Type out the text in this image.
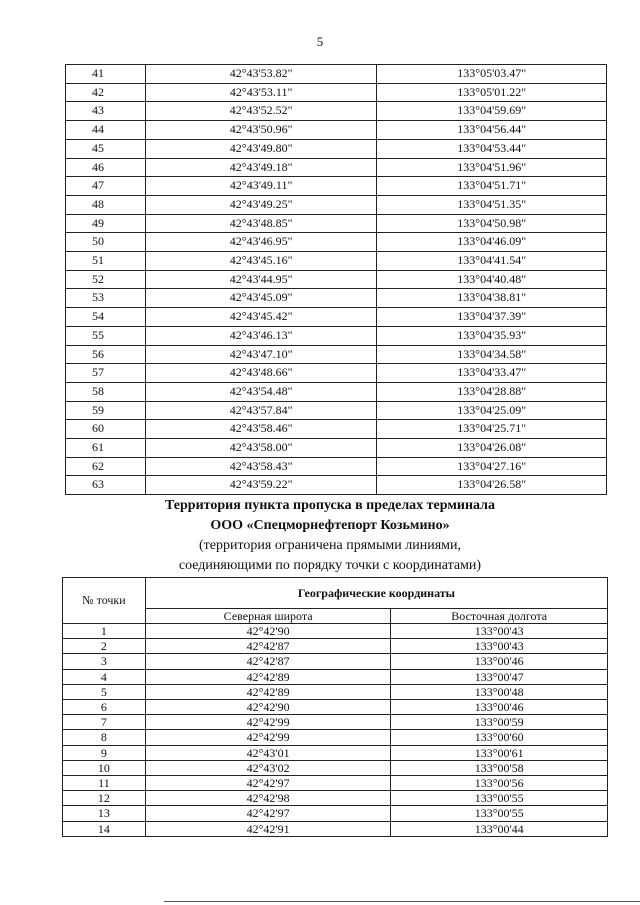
5
41	42°43'53.82"	133°05'03.47"
42	42°43'53.11"	133°05'01.22"
43	42°43'52.52"	133°04'59.69"
44	42°43'50.96"	133°04'56.44"
45	42°43'49.80"	133°04'53.44"
46	42°43'49.18"	133°04'51.96"
47	42°43'49.11"	133°04'51.71"
48	42°43'49.25"	133°04'51.35"
49	42°43'48.85"	133°04'50.98"
50	42°43'46.95"	133°04'46.09"
51	42°43'45.16"	133°04'41.54"
52	42°43'44.95"	133°04'40.48"
53	42°43'45.09"	133°04'38.81"
54	42°43'45.42"	133°04'37.39"
55	42°43'46.13"	133°04'35.93"
56	42°43'47.10"	133°04'34.58"
57	42°43'48.66"	133°04'33.47"
58	42°43'54.48"	133°04'28.88"
59	42°43'57.84"	133°04'25.09"
60	42°43'58.46"	133°04'25.71"
61	42°43'58.00"	133°04'26.08"
62	42°43'58.43"	133°04'27.16"
63	42°43'59.22"	133°04'26.58"
Территория пункта пропуска в пределах терминала
ООО «Спецморнефтепорт Козьмино»
(территория ограничена прямыми линиями,
соединяющими по порядку точки с координатами)
№ точки	Географические координаты	
	Северная широта	Восточная долгота
1	42°42'90	133°00'43
2	42°42'87	133°00'43
3	42°42'87	133°00'46
4	42°42'89	133°00'47
5	42°42'89	133°00'48
6	42°42'90	133°00'46
7	42°42'99	133°00'59
8	42°42'99	133°00'60
9	42°43'01	133°00'61
10	42°43'02	133°00'58
11	42°42'97	133°00'56
12	42°42'98	133°00'55
13	42°42'97	133°00'55
14	42°42'91	133°00'44
